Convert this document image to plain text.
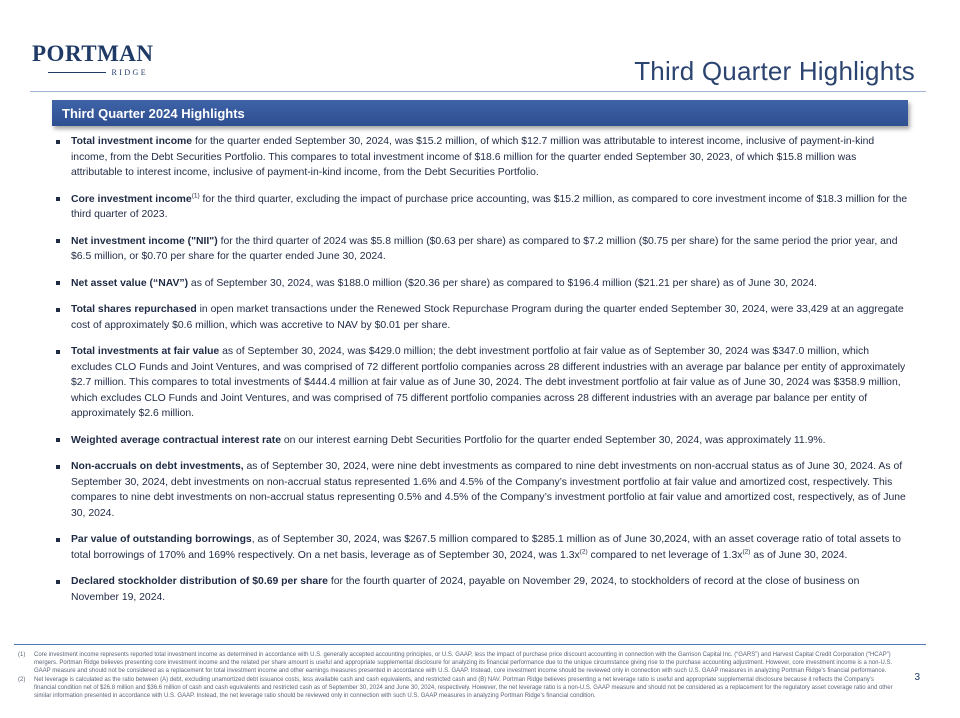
PORTMAN
RIDGE	Third Quarter Highlights
Third Quarter 2024 Highlights
Total investment income for the quarter ended September 30, 2024, was $15.2 million, of which $12.7 million was attributable to interest income, inclusive of payment-in-kind income, from the Debt Securities Portfolio. This compares to total investment income of $18.6 million for the quarter ended September 30, 2023, of which $15.8 million was attributable to interest income, inclusive of payment-in-kind income, from the Debt Securities Portfolio.
Core investment income$^{(1)}$ for the third quarter, excluding the impact of purchase price accounting, was $15.2 million, as compared to core investment income of $18.3 million for the third quarter of 2023.
Net investment income ("NII") for the third quarter of 2024 was $5.8 million ($0.63 per share) as compared to $7.2 million ($0.75 per share) for the same period the prior year, and $6.5 million, or $0.70 per share for the quarter ended June 30, 2024.
Net asset value (“NAV”) as of September 30, 2024, was $188.0 million ($20.36 per share) as compared to $196.4 million ($21.21 per share) as of June 30, 2024.
Total shares repurchased in open market transactions under the Renewed Stock Repurchase Program during the quarter ended September 30, 2024, were 33,429 at an aggregate cost of approximately $0.6 million, which was accretive to NAV by $0.01 per share.
Total investments at fair value as of September 30, 2024, was $429.0 million; the debt investment portfolio at fair value as of September 30, 2024 was $347.0 million, which excludes CLO Funds and Joint Ventures, and was comprised of 72 different portfolio companies across 28 different industries with an average par balance per entity of approximately $2.7 million. This compares to total investments of $444.4 million at fair value as of June 30, 2024. The debt investment portfolio at fair value as of June 30, 2024 was $358.9 million, which excludes CLO Funds and Joint Ventures, and was comprised of 75 different portfolio companies across 28 different industries with an average par balance per entity of approximately $2.6 million.
Weighted average contractual interest rate on our interest earning Debt Securities Portfolio for the quarter ended September 30, 2024, was approximately 11.9%.
Non-accruals on debt investments, as of September 30, 2024, were nine debt investments as compared to nine debt investments on non-accrual status as of June 30, 2024. As of September 30, 2024, debt investments on non-accrual status represented 1.6% and 4.5% of the Company’s investment portfolio at fair value and amortized cost, respectively. This compares to nine debt investments on non-accrual status representing 0.5% and 4.5% of the Company’s investment portfolio at fair value and amortized cost, respectively, as of June 30, 2024.
Par value of outstanding borrowings, as of September 30, 2024, was $267.5 million compared to $285.1 million as of June 30,2024, with an asset coverage ratio of total assets to total borrowings of 170% and 169% respectively. On a net basis, leverage as of September 30, 2024, was $1.3x^{(2)}$ compared to net leverage of $1.3x^{(2)}$ as of June 30, 2024.
Declared stockholder distribution of $0.69 per share for the fourth quarter of 2024, payable on November 29, 2024, to stockholders of record at the close of business on November 19, 2024.
(1)	Core investment income represents reported total investment income as determined in accordance with U.S. generally accepted accounting principles, or U.S. GAAP, less the impact of purchase price discount accounting in connection with the Garrison Capital Inc. (“GARS”) and Harvest Capital Credit Corporation (“HCAP”) mergers. Portman Ridge believes presenting core investment income and the related per share amount is useful and appropriate supplemental disclosure for analyzing its financial performance due to the unique circumstance giving rise to the purchase accounting adjustment. However, core investment income is a non-U.S. GAAP measure and should not be considered as a replacement for total investment income and other earnings measures presented in accordance with U.S. GAAP. Instead, core investment income should be reviewed only in connection with such U.S. GAAP measures in analyzing Portman Ridge’s financial performance.
(2)	Net leverage is calculated as the ratio between (A) debt, excluding unamortized debt issuance costs, less available cash and cash equivalents, and restricted cash and (B) NAV. Portman Ridge believes presenting a net leverage ratio is useful and appropriate supplemental disclosure because it reflects the Company’s financial condition net of $26.8 million and $36.6 million of cash and cash equivalents and restricted cash as of September 30, 2024 and June 30, 2024, respectively. However, the net leverage ratio is a non-U.S. GAAP measure and should not be considered as a replacement for the regulatory asset coverage ratio and other similar information presented in accordance with U.S. GAAP. Instead, the net leverage ratio should be reviewed only in connection with such U.S. GAAP measures in analyzing Portman Ridge’s financial condition.
3
